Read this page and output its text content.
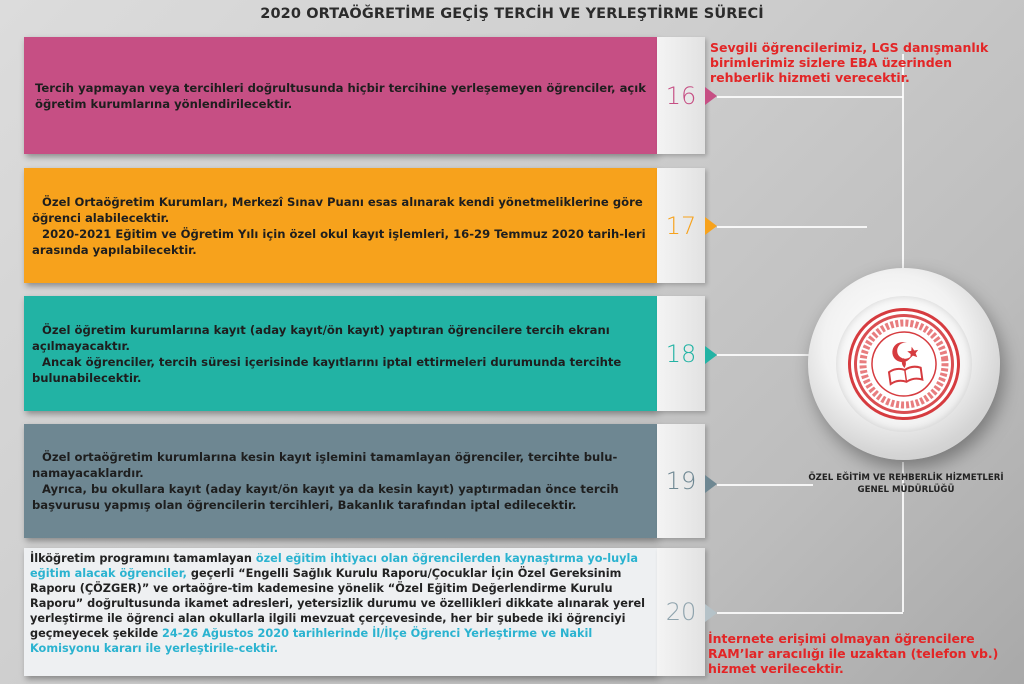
2020 ORTAÖĞRETİME GEÇİŞ TERCİH VE YERLEŞTİRME SÜRECİ

Tercih yapmayan veya tercihleri doğrultusunda hiçbir tercihine yerleşemeyen öğrenciler, açık öğretim kurumlarına yönlendirilecektir.	16

Özel Ortaöğretim Kurumları, Merkezî Sınav Puanı esas alınarak kendi yönetmeliklerine göre öğrenci alabilecektir.

2020-2021 Eğitim ve Öğretim Yılı için özel okul kayıt işlemleri, 16-29 Temmuz 2020 tarih-leri arasında yapılabilecektir.

17

Özel öğretim kurumlarına kayıt (aday kayıt/ön kayıt) yaptıran öğrencilere tercih ekranı açılmayacaktır.

Ancak öğrenciler, tercih süresi içerisinde kayıtlarını iptal ettirmeleri durumunda tercihte bulunabilecektir.

18

Özel ortaöğretim kurumlarına kesin kayıt işlemini tamamlayan öğrenciler, tercihte bulu-namayacaklardır.

Ayrıca, bu okullara kayıt (aday kayıt/ön kayıt ya da kesin kayıt) yaptırmadan önce tercih başvurusu yapmış olan öğrencilerin tercihleri, Bakanlık tarafından iptal edilecektir.

19

İlköğretim programını tamamlayan özel eğitim ihtiyacı olan öğrencilerden kaynaştırma yo-luyla eğitim alacak öğrenciler, geçerli “Engelli Sağlık Kurulu Raporu/Çocuklar İçin Özel Gereksinim Raporu (ÇÖZGER)” ve ortaöğre-tim kademesine yönelik “Özel Eğitim Değerlendirme Kurulu Raporu” doğrultusunda ikamet adresleri, yetersizlik durumu ve özellikleri dikkate alınarak yerel yerleştirme ile öğrenci alan okullarla ilgili mevzuat çerçevesinde, her bir şubede iki öğrenciyi geçmeyecek şekilde 24-26 Ağustos 2020 tarihlerinde İl/İlçe Öğrenci Yerleştirme ve Nakil Komisyonu kararı ile yerleştirile-cektir.

20
Sevgili öğrencilerimiz, LGS danışmanlık birimlerimiz sizlere EBA üzerinden rehberlik hizmeti verecektir.
İnternete erişimi olmayan öğrencilere RAM’lar aracılığı ile uzaktan (telefon vb.) hizmet verilecektir.
ÖZEL EĞİTİM VE REHBERLİK HİZMETLERİ
GENEL MÜDÜRLÜĞÜ
